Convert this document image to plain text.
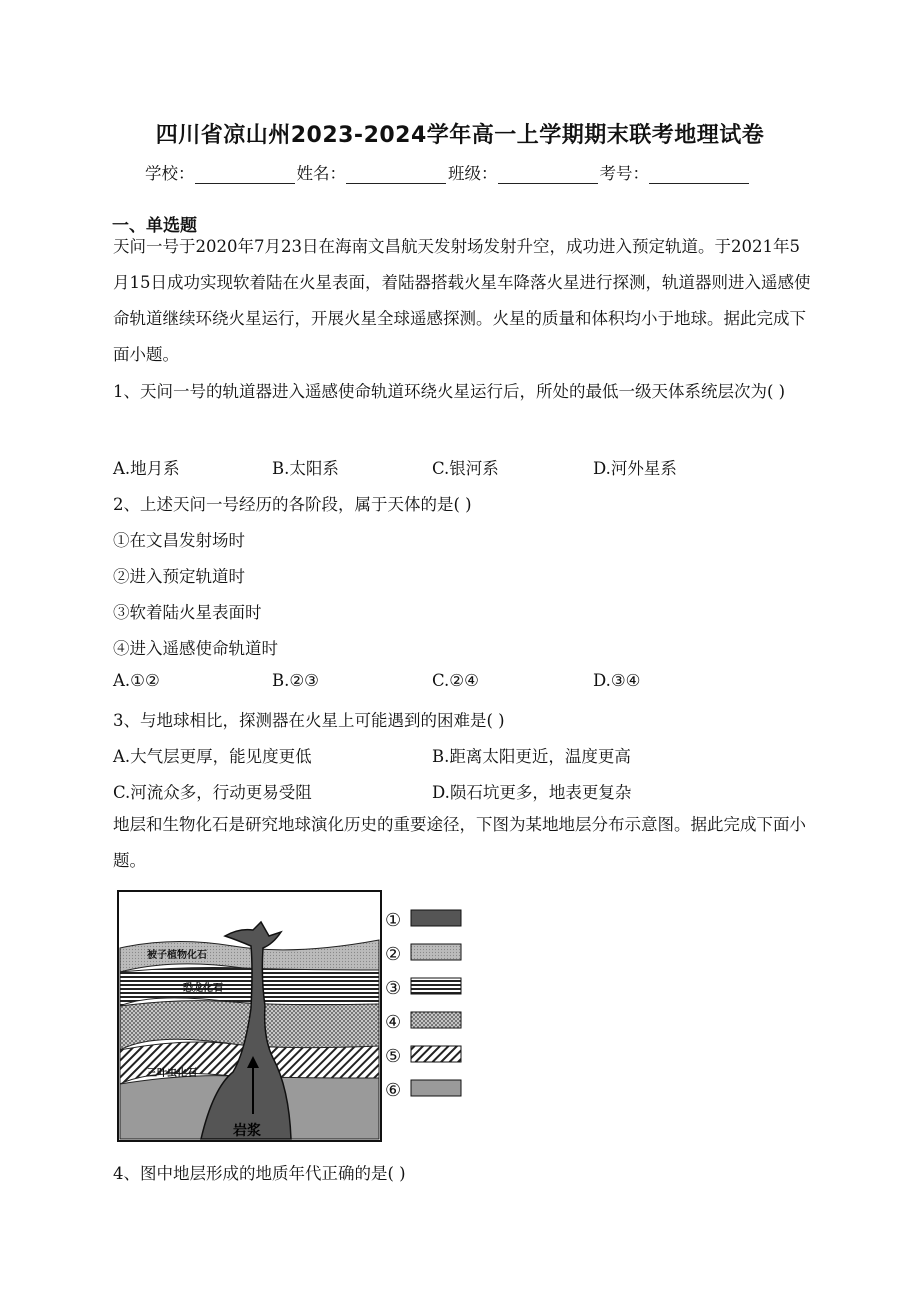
四川省凉山州2023-2024学年高一上学期期末联考地理试卷
学校：	姓名：	班级：	考号：
一、单选题
天问一号于2020年7月23日在海南文昌航天发射场发射升空，成功进入预定轨道。于2021年5月15日成功实现软着陆在火星表面，着陆器搭载火星车降落火星进行探测，轨道器则进入遥感使命轨道继续环绕火星运行，开展火星全球遥感探测。火星的质量和体积均小于地球。据此完成下面小题。
1、天问一号的轨道器进入遥感使命轨道环绕火星运行后，所处的最低一级天体系统层次为( )
A.地月系	B.太阳系	C.银河系	D.河外星系
2、上述天问一号经历的各阶段，属于天体的是( )
①在文昌发射场时
②进入预定轨道时
③软着陆火星表面时
④进入遥感使命轨道时
A.①②	B.②③	C.②④	D.③④
3、与地球相比，探测器在火星上可能遇到的困难是( )
A.大气层更厚，能见度更低	B.距离太阳更近，温度更高
C.河流众多，行动更易受阻	D.陨石坑更多，地表更复杂
地层和生物化石是研究地球演化历史的重要途径，下图为某地地层分布示意图。据此完成下面小题。
被子植物化石
恐龙化石
三叶虫化石
岩浆
①
②
③
④
⑤
⑥
4、图中地层形成的地质年代正确的是( )
